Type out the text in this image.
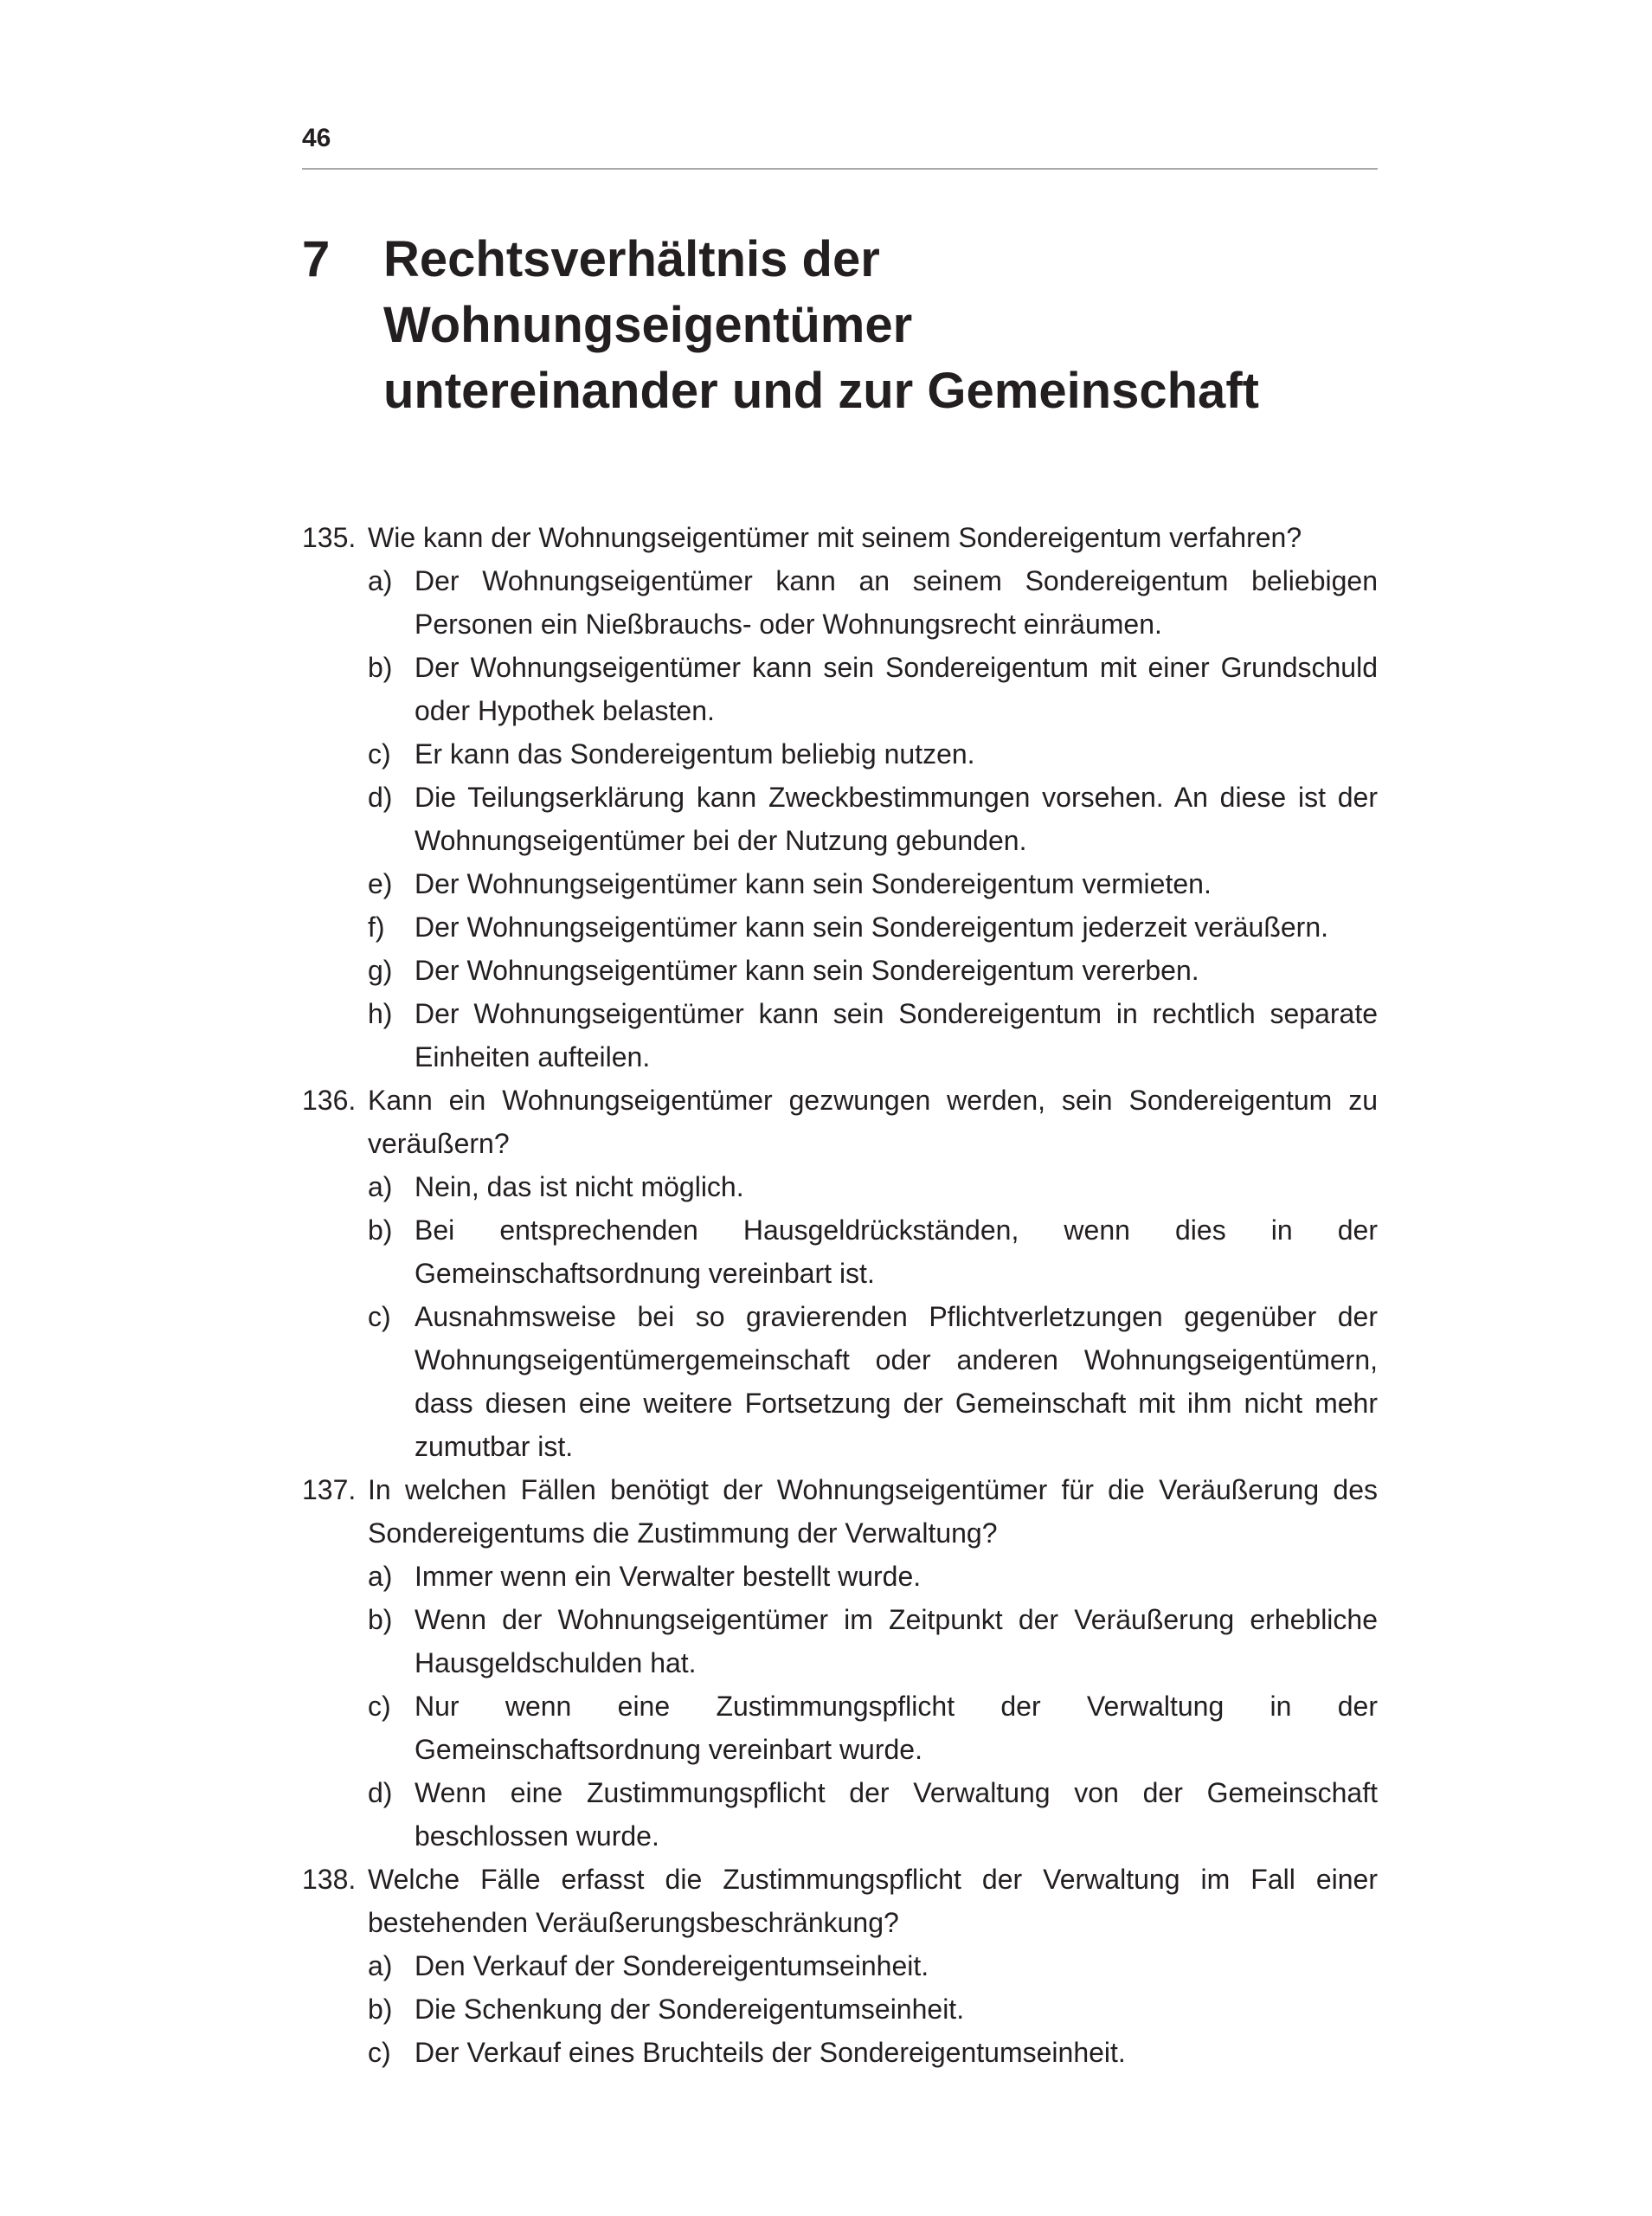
46
7	Rechtsverhältnis der Wohnungseigentümer
untereinander und zur Gemeinschaft
135. Wie kann der Wohnungseigentümer mit seinem Sondereigentum verfahren?
a) Der Wohnungseigentümer kann an seinem Sondereigentum beliebigen Personen ein Nießbrauchs- oder Wohnungsrecht einräumen.
b) Der Wohnungseigentümer kann sein Sondereigentum mit einer Grundschuld oder Hypothek belasten.
c) Er kann das Sondereigentum beliebig nutzen.
d) Die Teilungserklärung kann Zweckbestimmungen vorsehen. An diese ist der Wohnungseigentümer bei der Nutzung gebunden.
e) Der Wohnungseigentümer kann sein Sondereigentum vermieten.
f)	Der Wohnungseigentümer kann sein Sondereigentum jederzeit veräußern.
g) Der Wohnungseigentümer kann sein Sondereigentum vererben.
h) Der Wohnungseigentümer kann sein Sondereigentum in rechtlich separate Einheiten aufteilen.
136. Kann ein Wohnungseigentümer gezwungen werden, sein Sondereigentum zu veräußern?
a) Nein, das ist nicht möglich.
b) Bei entsprechenden Hausgeldrückständen, wenn dies in der Gemeinschaftsordnung vereinbart ist.
c) Ausnahmsweise bei so gravierenden Pflichtverletzungen gegenüber der Wohnungseigentümergemeinschaft oder anderen Wohnungseigentümern, dass diesen eine weitere Fortsetzung der Gemeinschaft mit ihm nicht mehr zumutbar ist.
137. In welchen Fällen benötigt der Wohnungseigentümer für die Veräußerung des Sondereigentums die Zustimmung der Verwaltung?
a) Immer wenn ein Verwalter bestellt wurde.
b) Wenn der Wohnungseigentümer im Zeitpunkt der Veräußerung erhebliche Hausgeldschulden hat.
c) Nur wenn eine Zustimmungspflicht der Verwaltung in der Gemeinschaftsordnung vereinbart wurde.
d) Wenn eine Zustimmungspflicht der Verwaltung von der Gemeinschaft beschlossen wurde.
138. Welche Fälle erfasst die Zustimmungspflicht der Verwaltung im Fall einer bestehenden Veräußerungsbeschränkung?
a) Den Verkauf der Sondereigentumseinheit.
b) Die Schenkung der Sondereigentumseinheit.
c) Der Verkauf eines Bruchteils der Sondereigentumseinheit.
